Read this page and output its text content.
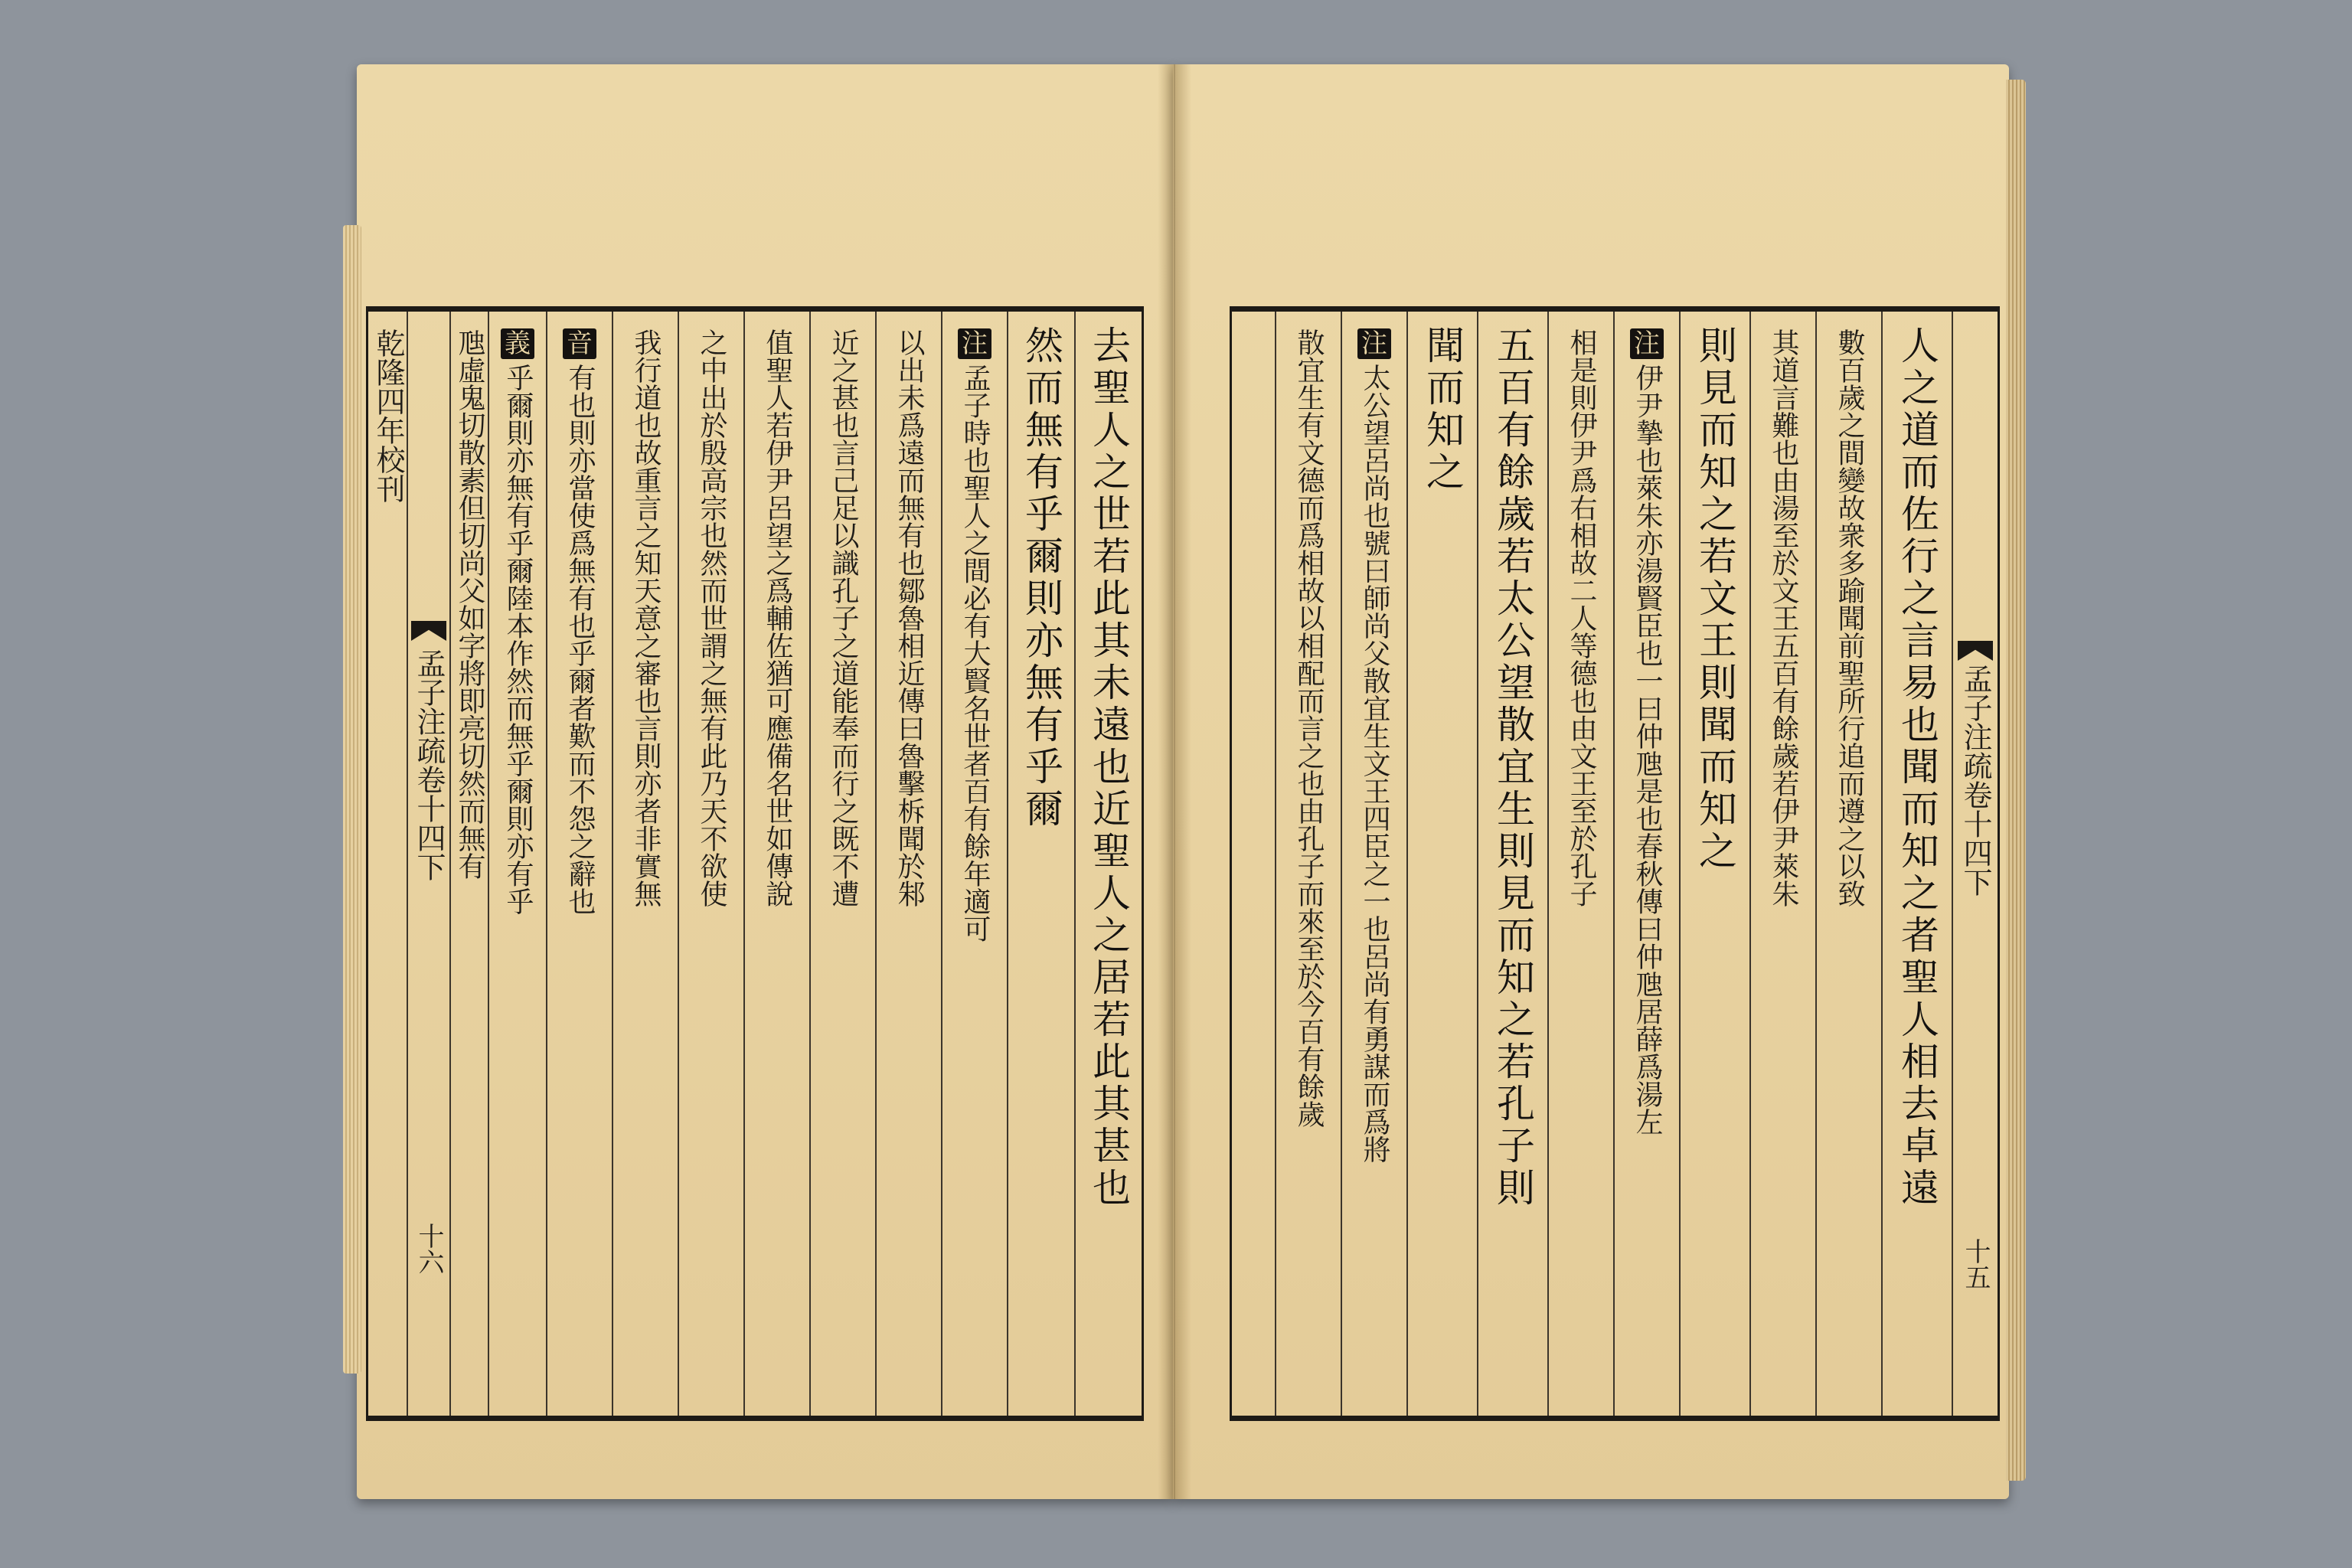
去聖人之世若此其未遠也近聖人之居若此其甚也
然而無有乎爾則亦無有乎爾
注
孟子時也聖人之間必有大賢名世者百有餘年適可
以出未爲遠而無有也鄒魯相近傳曰魯擊柝聞於邾
近之甚也言己足以識孔子之道能奉而行之既不遭
值聖人若伊尹呂望之爲輔佐猶可應備名世如傳說
之中出於殷高宗也然而世謂之無有此乃天不欲使
我行道也故重言之知天意之審也言則亦者非實無
音
有也則亦當使爲無有也乎爾者歎而不怨之辭也
義
乎爾則亦無有乎爾陸本作然而無乎爾則亦有乎
虺虛鬼切散素但切尚父如字將即亮切然而無有
孟子注疏卷十四下
十六
乾隆四年校刊
孟子注疏卷十四下
十五
人之道而佐行之言易也聞而知之者聖人相去卓遠
數百歲之間變故衆多踰聞前聖所行追而遵之以致
其道言難也由湯至於文王五百有餘歲若伊尹萊朱
則見而知之若文王則聞而知之
注
伊尹摯也萊朱亦湯賢臣也一曰仲虺是也春秋傳曰仲虺居薛爲湯左
相是則伊尹爲右相故二人等德也由文王至於孔子
五百有餘歲若太公望散宜生則見而知之若孔子則
聞而知之
注
太公望呂尚也號曰師尚父散宜生文王四臣之一也呂尚有勇謀而爲將
散宜生有文德而爲相故以相配而言之也由孔子而來至於今百有餘歲
